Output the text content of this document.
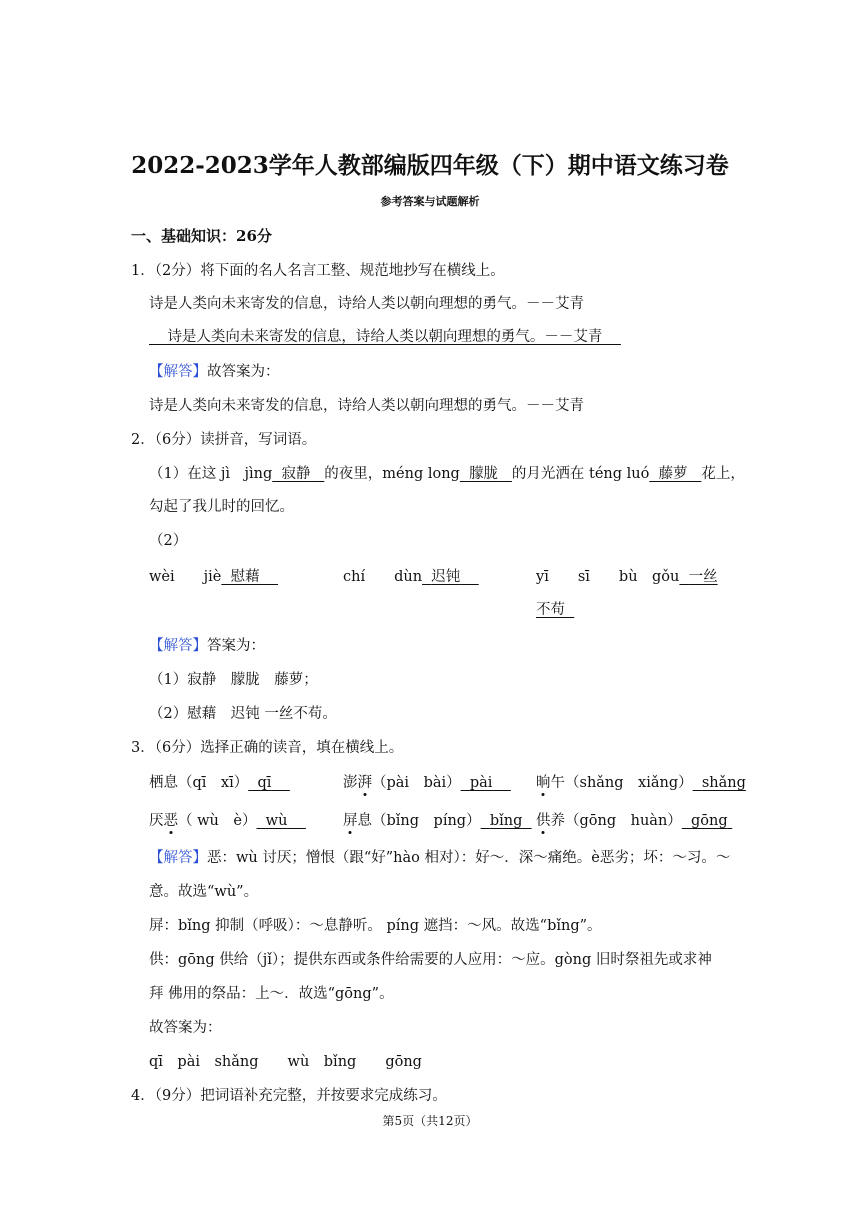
2022-2023学年人教部编版四年级（下）期中语文练习卷
参考答案与试题解析
一、基础知识：26分
1．（2分）将下面的名人名言工整、规范地抄写在横线上。
诗是人类向未来寄发的信息，诗给人类以朝向理想的勇气。－－艾青
诗是人类向未来寄发的信息，诗给人类以朝向理想的勇气。－－艾青
【解答】故答案为：
诗是人类向未来寄发的信息，诗给人类以朝向理想的勇气。－－艾青
2．（6分）读拼音，写词语。
（1）在这 jì　jìng 寂静 的夜里，méng long 朦胧 的月光洒在 téng luó 藤萝 花上，
勾起了我儿时的回忆。
（2）
wèi　　jiè 慰藉	chí　　dùn 迟钝	yī　　sī　　bù　gǒu 一丝
不苟
【解答】答案为：
（1）寂静　朦胧　藤萝；
（2）慰藉　迟钝 一丝不苟。
3．（6分）选择正确的读音，填在横线上。
栖息（qī　xī） qī	澎湃（pài　bài） pài	晌午（shǎng　xiǎng） shǎng
厌恶（ wù　è） wù	屏息（bǐng　píng） bǐng 供养（gōng　huàn） gōng
【解答】恶：wù 讨厌；憎恨（跟“好”hào 相对）：好～．深～痛绝。è恶劣；坏：～习。～
意。故选“wù”。
屏：bǐng 抑制（呼吸）：～息静听。 píng 遮挡：～风。故选“bǐng”。
供：gōng 供给（jǐ）；提供东西或条件给需要的人应用：～应。gòng 旧时祭祖先或求神
拜 佛用的祭品：上～．故选“gōng”。
故答案为：
qī　pài　shǎng　　wù　bǐng　　gōng
4．（9分）把词语补充完整，并按要求完成练习。
第5页（共12页）
